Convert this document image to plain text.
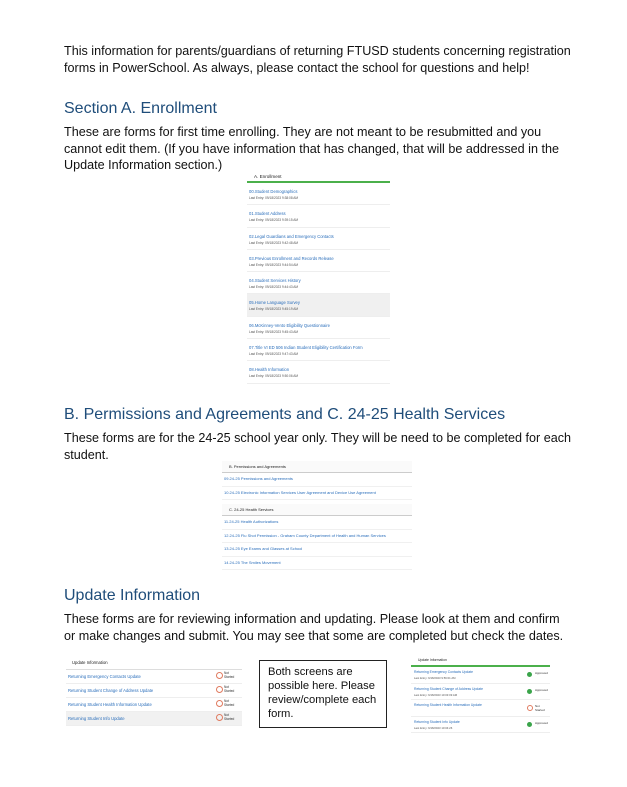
This information for parents/guardians of returning FTUSD students concerning registration forms in PowerSchool. As always, please contact the school for questions and help!
Section A. Enrollment
These are forms for first time enrolling. They are not meant to be resubmitted and you cannot edit them. (If you have information that has changed, that will be addressed in the Update Information section.)
A. Enrollment
00.Student Demographics
Last Entry: 09/18/2023 9:38:08 AM
01.Student Address
Last Entry: 09/18/2023 9:39:15 AM
02.Legal Guardians and Emergency Contacts
Last Entry: 09/18/2023 9:42:48 AM
03.Previous Enrollment and Records Release
Last Entry: 09/18/2023 9:44:54 AM
04.Student Services History
Last Entry: 09/18/2023 9:44:43 AM
05.Home Language Survey
Last Entry: 09/18/2023 9:45:19 AM
06.McKinney-Vento Eligibility Questionnaire
Last Entry: 09/18/2023 9:45:43 AM
07.Title VI ED 506 Indian Student Eligibility Certification Form
Last Entry: 09/18/2023 9:47:43 AM
08.Health Information
Last Entry: 09/18/2023 9:50:06 AM
B. Permissions and Agreements and C. 24-25 Health Services
These forms are for the 24-25 school year only. They will be need to be completed for each student.
B. Permissions and Agreements
09.24-25 Permissions and Agreements
10.24-25 Electronic Information Services User Agreement and Device Use Agreement
C. 24-25 Health Services
11.24-25 Health Authorizations
12.24-25 Flu Shot Permission - Graham County Department of Health and Human Services
13.24-25 Eye Exams and Glasses at School
14.24-25 The Smiles Movement
Update Information
These forms are for reviewing information and updating. Please look at them and confirm or make changes and submit. You may see that some are completed but check the dates.
Update Information
Returning Emergency Contacts Update
Not Started
Returning Student Change of Address Update
Not Started
Returning Student Health Information Update
Not Started
Returning Student Info Update
Not Started
Both screens are possible here. Please review/complete each form.
Update Information
Returning Emergency Contacts Update
Last Entry: 9/18/2023 9:56:01 AM
Approved
Returning Student Change of Address Update
Last Entry: 9/18/2023 10:03:09 AM
Approved
Returning Student Health Information Update	Not Started
Returning Student Info Update
Last Entry: 9/18/2023 10:04:26
Approved
